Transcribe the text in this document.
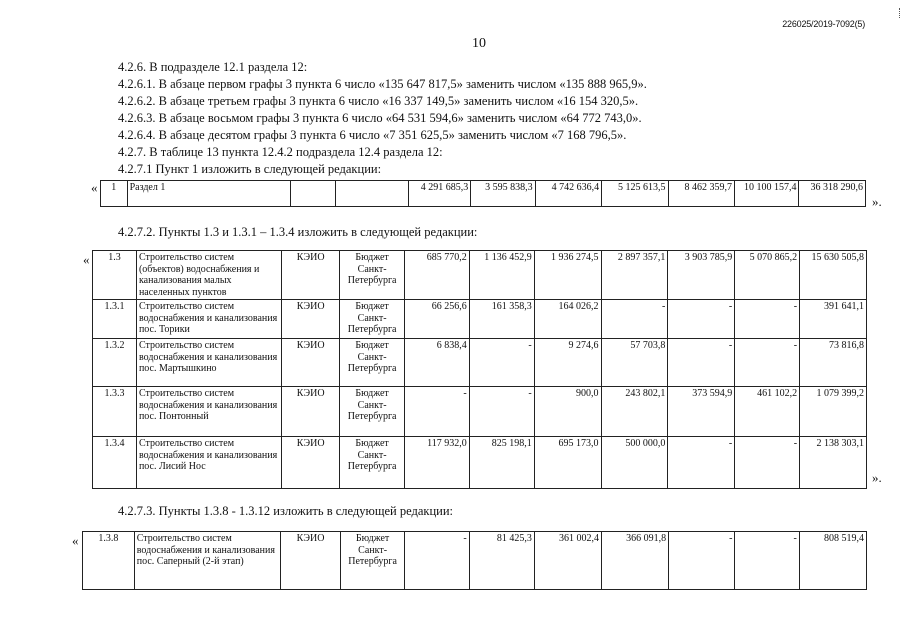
226025/2019-7092(5)
10
4.2.6. В подразделе 12.1 раздела 12:
4.2.6.1. В абзаце первом графы 3 пункта 6 число «135 647 817,5» заменить числом «135 888 965,9».
4.2.6.2. В абзаце третьем графы 3 пункта 6 число «16 337 149,5» заменить числом «16 154 320,5».
4.2.6.3. В абзаце восьмом графы 3 пункта 6 число «64 531 594,6» заменить числом «64 772 743,0».
4.2.6.4. В абзаце десятом графы 3 пункта 6 число «7 351 625,5» заменить числом «7 168 796,5».
4.2.7. В таблице 13 пункта 12.4.2 подраздела 12.4 раздела 12:
4.2.7.1 Пункт 1 изложить в следующей редакции:
« 1	Раздел 1			4 291 685,3	3 595 838,3	4 742 636,4	5 125 613,5	8 462 359,7	10 100 157,4	36 318 290,6
».
4.2.7.2. Пункты 1.3 и 1.3.1 – 1.3.4 изложить в следующей редакции:
« 1.3	Строительство систем (объектов) водоснабжения и канализования малых населенных пунктов	КЭИО	Бюджет Санкт-Петербурга	685 770,2	1 136 452,9	1 936 274,5	2 897 357,1	3 903 785,9	5 070 865,2	15 630 505,8
1.3.1	Строительство систем водоснабжения и канализования пос. Торики	КЭИО	Бюджет Санкт-Петербурга	66 256,6	161 358,3	164 026,2	-	-	-	391 641,1
1.3.2	Строительство систем водоснабжения и канализования пос. Мартышкино	КЭИО	Бюджет Санкт-Петербурга	6 838,4	-	9 274,6	57 703,8	-	-	73 816,8
1.3.3	Строительство систем водоснабжения и канализования пос. Понтонный	КЭИО	Бюджет Санкт-Петербурга	-	-	900,0	243 802,1	373 594,9	461 102,2	1 079 399,2
1.3.4	Строительство систем водоснабжения и канализования пос. Лисий Нос	КЭИО	Бюджет Санкт-Петербурга	117 932,0	825 198,1	695 173,0	500 000,0	-	-	2 138 303,1
».
4.2.7.3. Пункты 1.3.8 - 1.3.12 изложить в следующей редакции:
« 1.3.8	Строительство систем водоснабжения и канализования пос. Саперный (2-й этап)	КЭИО	Бюджет Санкт-Петербурга	-	81 425,3	361 002,4	366 091,8	-	-	808 519,4
